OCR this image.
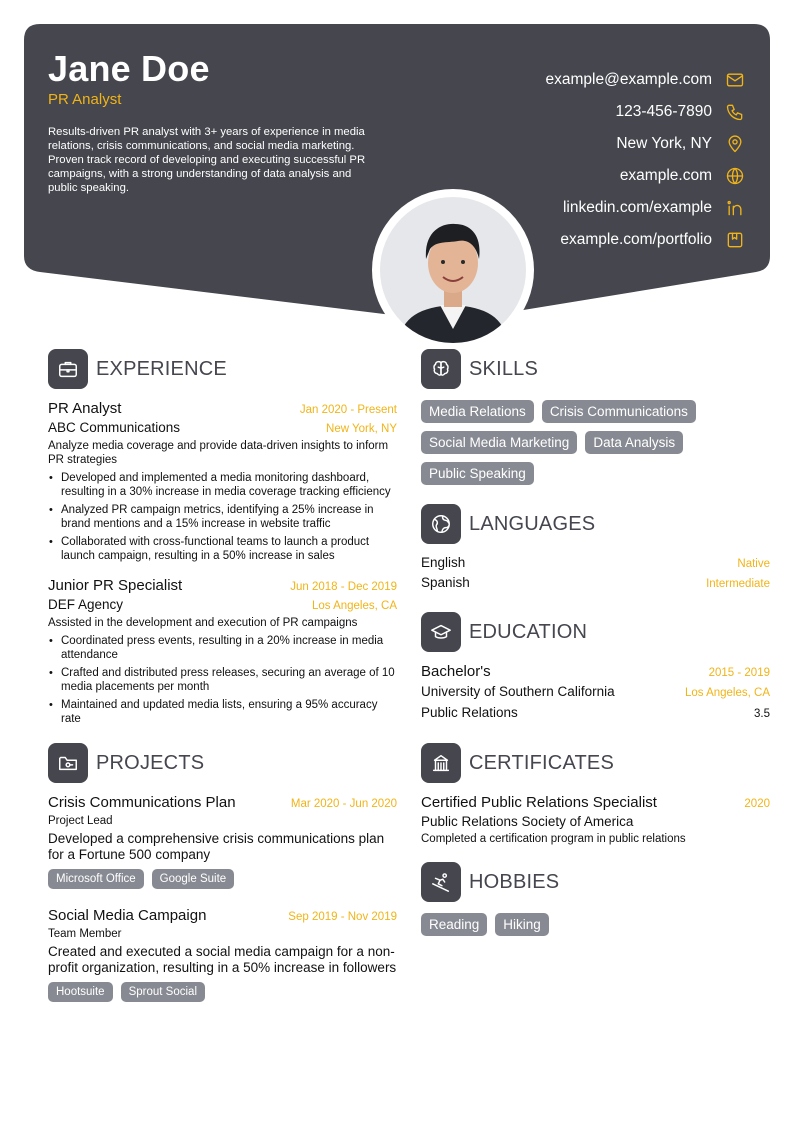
Jane Doe
PR Analyst
Results-driven PR analyst with 3+ years of experience in media relations, crisis communications, and social media marketing. Proven track record of developing and executing successful PR campaigns, with a strong understanding of data analysis and public speaking.
example@example.com
123-456-7890
New York, NY
example.com
linkedin.com/example
example.com/portfolio
EXPERIENCE
PR Analyst	Jan 2020 - Present
ABC Communications	New York, NY
Analyze media coverage and provide data-driven insights to inform PR strategies
• Developed and implemented a media monitoring dashboard, resulting in a 30% increase in media coverage tracking efficiency
• Analyzed PR campaign metrics, identifying a 25% increase in brand mentions and a 15% increase in website traffic
• Collaborated with cross-functional teams to launch a product launch campaign, resulting in a 50% increase in sales
Junior PR Specialist	Jun 2018 - Dec 2019
DEF Agency	Los Angeles, CA
Assisted in the development and execution of PR campaigns
• Coordinated press events, resulting in a 20% increase in media attendance
• Crafted and distributed press releases, securing an average of 10 media placements per month
• Maintained and updated media lists, ensuring a 95% accuracy rate
PROJECTS
Crisis Communications Plan	Mar 2020 - Jun 2020
Project Lead
Developed a comprehensive crisis communications plan for a Fortune 500 company
Microsoft Office	Google Suite
Social Media Campaign	Sep 2019 - Nov 2019
Team Member
Created and executed a social media campaign for a non-profit organization, resulting in a 50% increase in followers
Hootsuite	Sprout Social
SKILLS
Media Relations	Crisis Communications
Social Media Marketing	Data Analysis
Public Speaking
LANGUAGES
English	Native
Spanish	Intermediate
EDUCATION
Bachelor's	2015 - 2019
University of Southern California	Los Angeles, CA
Public Relations	3.5
CERTIFICATES
Certified Public Relations Specialist	2020
Public Relations Society of America
Completed a certification program in public relations
HOBBIES
Reading	Hiking
